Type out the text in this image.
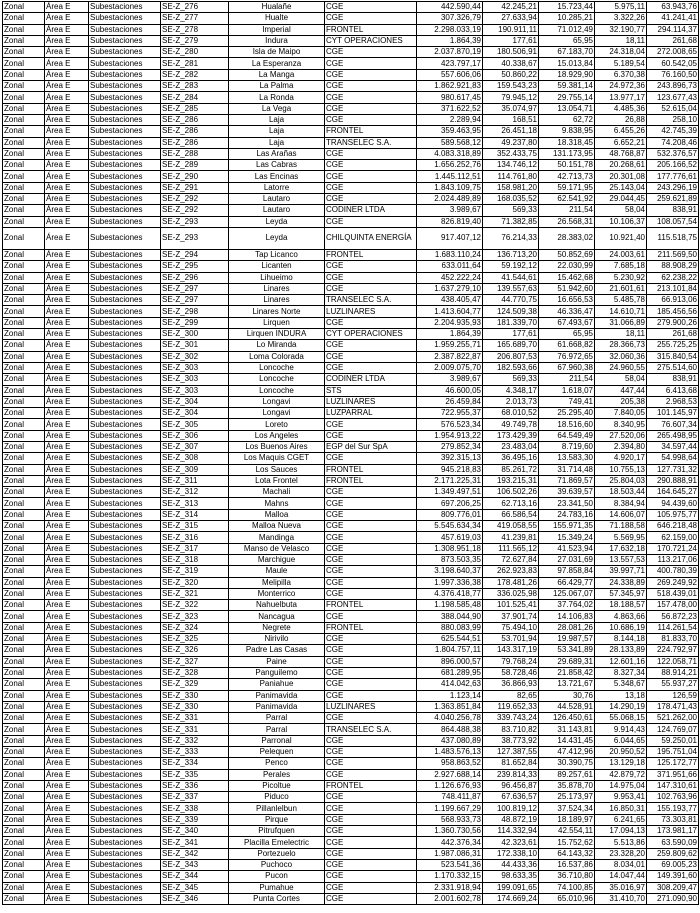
Zonal	Área E	Subestaciones	SE-Z_276	Hualañe	CGE	442.590,44	42.245,21	15.723,44	5.975,11	63.943,76
Zonal	Área E	Subestaciones	SE-Z_277	Hualte	CGE	307.326,79	27.633,94	10.285,21	3.322,26	41.241,41
Zonal	Área E	Subestaciones	SE-Z_278	Imperial	FRONTEL	2.298.033,19	190.911,11	71.012,49	32.190,77	294.114,37
Zonal	Área E	Subestaciones	SE-Z_279	Indura	CYT OPERACIONES	1.864,39	177,61	65,95	18,11	261,68
Zonal	Área E	Subestaciones	SE-Z_280	Isla de Maipo	CGE	2.037.870,19	180.506,91	67.183,70	24.318,04	272.008,65
Zonal	Área E	Subestaciones	SE-Z_281	La Esperanza	CGE	423.797,17	40.338,67	15.013,84	5.189,54	60.542,05
Zonal	Área E	Subestaciones	SE-Z_282	La Manga	CGE	557.606,06	50.860,22	18.929,90	6.370,38	76.160,50
Zonal	Área E	Subestaciones	SE-Z_283	La Palma	CGE	1.862.921,83	159.543,23	59.381,14	24.972,36	243.896,73
Zonal	Área E	Subestaciones	SE-Z_284	La Ronda	CGE	980.617,45	79.945,12	29.755,14	13.977,17	123.677,43
Zonal	Área E	Subestaciones	SE-Z_285	La Vega	CGE	371.622,52	35.074,97	13.054,71	4.485,36	52.615,04
Zonal	Área E	Subestaciones	SE-Z_286	Laja	CGE	2.289,94	168,51	62,72	26,88	258,10
Zonal	Área E	Subestaciones	SE-Z_286	Laja	FRONTEL	359.463,95	26.451,18	9.838,95	6.455,26	42.745,39
Zonal	Área E	Subestaciones	SE-Z_286	Laja	TRANSELEC S.A.	589.568,12	49.237,80	18.318,45	6.652,21	74.208,46
Zonal	Área E	Subestaciones	SE-Z_288	Las Arañas	CGE	4.083.318,89	352.433,75	131.173,95	48.768,87	532.376,57
Zonal	Área E	Subestaciones	SE-Z_289	Las Cabras	CGE	1.656.252,76	134.746,12	50.151,78	20.268,61	205.166,52
Zonal	Área E	Subestaciones	SE-Z_290	Las Encinas	CGE	1.445.112,51	114.761,80	42.713,73	20.301,08	177.776,61
Zonal	Área E	Subestaciones	SE-Z_291	Latorre	CGE	1.843.109,75	158.981,20	59.171,95	25.143,04	243.296,19
Zonal	Área E	Subestaciones	SE-Z_292	Lautaro	CGE	2.024.489,89	168.035,52	62.541,92	29.044,45	259.621,89
Zonal	Área E	Subestaciones	SE-Z_292	Lautaro	CODINER LTDA	3.989,67	569,33	211,54	58,04	838,91
Zonal	Área E	Subestaciones	SE-Z_293	Leyda	CGE	826.819,40	71.382,85	26.568,31	10.106,37	108.057,54
Zonal	Área E	Subestaciones	SE-Z_293	Leyda	CHILQUINTA ENERGÍA	917.407,12	76.214,33	28.383,02	10.921,40	115.518,75
Zonal	Área E	Subestaciones	SE-Z_294	Tap Licanco	FRONTEL	1.683.110,24	136.713,20	50.852,69	24.003,61	211.569,50
Zonal	Área E	Subestaciones	SE-Z_295	Licanten	CGE	633.011,64	59.192,12	22.030,99	7.685,18	88.908,29
Zonal	Área E	Subestaciones	SE-Z_296	Lihueimo	CGE	452.222,24	41.544,61	15.462,68	5.230,92	62.238,22
Zonal	Área E	Subestaciones	SE-Z_297	Linares	CGE	1.637.279,10	139.557,63	51.942,60	21.601,61	213.101,84
Zonal	Área E	Subestaciones	SE-Z_297	Linares	TRANSELEC S.A.	438.405,47	44.770,75	16.656,53	5.485,78	66.913,06
Zonal	Área E	Subestaciones	SE-Z_298	Linares Norte	LUZLINARES	1.413.604,77	124.509,38	46.336,47	14.610,71	185.456,56
Zonal	Área E	Subestaciones	SE-Z_299	Lirquen	CGE	2.204.935,93	181.339,70	67.493,67	31.066,89	279.900,26
Zonal	Área E	Subestaciones	SE-Z_300	Lirquen INDURA	CYT OPERACIONES	1.864,39	177,61	65,95	18,11	261,68
Zonal	Área E	Subestaciones	SE-Z_301	Lo Miranda	CGE	1.959.255,71	165.689,70	61.668,82	28.366,73	255.725,25
Zonal	Área E	Subestaciones	SE-Z_302	Loma Colorada	CGE	2.387.822,87	206.807,53	76.972,65	32.060,36	315.840,54
Zonal	Área E	Subestaciones	SE-Z_303	Loncoche	CGE	2.009.075,70	182.593,66	67.960,38	24.960,55	275.514,60
Zonal	Área E	Subestaciones	SE-Z_303	Loncoche	CODINER LTDA	3.989,67	569,33	211,54	58,04	838,91
Zonal	Área E	Subestaciones	SE-Z_303	Loncoche	STS	46.600,05	4.348,17	1.618,07	447,44	6.413,68
Zonal	Área E	Subestaciones	SE-Z_304	Longavi	LUZLINARES	26.459,84	2.013,73	749,41	205,38	2.968,53
Zonal	Área E	Subestaciones	SE-Z_304	Longavi	LUZPARRAL	722.955,37	68.010,52	25.295,40	7.840,05	101.145,97
Zonal	Área E	Subestaciones	SE-Z_305	Loreto	CGE	576.523,34	49.749,78	18.516,60	8.340,95	76.607,34
Zonal	Área E	Subestaciones	SE-Z_306	Los Angeles	CGE	1.954.913,22	173.429,39	64.549,49	27.520,06	265.498,95
Zonal	Área E	Subestaciones	SE-Z_307	Los Buenos Aires	EGP del Sur SpA	279.852,34	23.483,04	8.719,60	2.394,80	34.597,44
Zonal	Área E	Subestaciones	SE-Z_308	Los Maquis CGET	CGE	392.315,13	36.495,16	13.583,30	4.920,17	54.998,64
Zonal	Área E	Subestaciones	SE-Z_309	Los Sauces	FRONTEL	945.218,83	85.261,72	31.714,48	10.755,13	127.731,32
Zonal	Área E	Subestaciones	SE-Z_311	Lota Frontel	FRONTEL	2.171.225,31	193.215,31	71.869,57	25.804,03	290.888,91
Zonal	Área E	Subestaciones	SE-Z_312	Machali	CGE	1.349.497,51	106.502,26	39.639,57	18.503,44	164.645,27
Zonal	Área E	Subestaciones	SE-Z_313	Mahns	CGE	697.206,25	62.713,16	23.341,50	8.384,94	94.439,60
Zonal	Área E	Subestaciones	SE-Z_314	Malloa	CGE	809.776,01	66.586,54	24.783,16	14.606,07	105.975,77
Zonal	Área E	Subestaciones	SE-Z_315	Malloa Nueva	CGE	5.545.634,34	419.058,55	155.971,35	71.188,58	646.218,48
Zonal	Área E	Subestaciones	SE-Z_316	Mandinga	CGE	457.619,03	41.239,81	15.349,24	5.569,95	62.159,00
Zonal	Área E	Subestaciones	SE-Z_317	Manso de Velasco	CGE	1.308.951,18	111.565,12	41.523,94	17.632,18	170.721,24
Zonal	Área E	Subestaciones	SE-Z_318	Marchigue	CGE	873.503,35	72.627,84	27.031,69	13.557,53	113.217,06
Zonal	Área E	Subestaciones	SE-Z_319	Maule	CGE	3.198.640,37	262.923,83	97.858,84	39.997,71	400.780,39
Zonal	Área E	Subestaciones	SE-Z_320	Melipilla	CGE	1.997.336,38	178.481,26	66.429,77	24.338,89	269.249,92
Zonal	Área E	Subestaciones	SE-Z_321	Monterrico	CGE	4.376.418,77	336.025,98	125.067,07	57.345,97	518.439,01
Zonal	Área E	Subestaciones	SE-Z_322	Nahuelbuta	FRONTEL	1.198.585,48	101.525,41	37.764,02	18.188,57	157.478,00
Zonal	Área E	Subestaciones	SE-Z_323	Nancagua	CGE	388.044,90	37.901,74	14.106,83	4.863,66	56.872,23
Zonal	Área E	Subestaciones	SE-Z_324	Negrete	FRONTEL	880.083,99	75.494,10	28.081,26	10.686,19	114.261,54
Zonal	Área E	Subestaciones	SE-Z_325	Nirivilo	CGE	625.544,51	53.701,94	19.987,57	8.144,18	81.833,70
Zonal	Área E	Subestaciones	SE-Z_326	Padre Las Casas	CGE	1.804.757,11	143.317,19	53.341,89	28.133,89	224.792,97
Zonal	Área E	Subestaciones	SE-Z_327	Paine	CGE	896.000,57	79.768,24	29.689,31	12.601,16	122.058,71
Zonal	Área E	Subestaciones	SE-Z_328	Panguilemo	CGE	681.289,95	58.728,46	21.858,42	8.327,34	88.914,21
Zonal	Área E	Subestaciones	SE-Z_329	Paniahue	CGE	414.042,63	36.866,93	13.721,67	5.348,67	55.937,27
Zonal	Área E	Subestaciones	SE-Z_330	Panimavida	CGE	1.123,14	82,65	30,76	13,18	126,59
Zonal	Área E	Subestaciones	SE-Z_330	Panimavida	LUZLINARES	1.363.851,84	119.652,33	44.528,91	14.290,19	178.471,43
Zonal	Área E	Subestaciones	SE-Z_331	Parral	CGE	4.040.256,78	339.743,24	126.450,61	55.068,15	521.262,00
Zonal	Área E	Subestaciones	SE-Z_331	Parral	TRANSELEC S.A.	864.488,38	83.710,82	31.143,81	9.914,43	124.769,07
Zonal	Área E	Subestaciones	SE-Z_332	Parronal	CGE	437.080,89	38.773,92	14.431,45	6.044,65	59.250,01
Zonal	Área E	Subestaciones	SE-Z_333	Pelequen	CGE	1.483.576,13	127.387,55	47.412,96	20.950,52	195.751,04
Zonal	Área E	Subestaciones	SE-Z_334	Penco	CGE	958.863,52	81.652,84	30.390,75	13.129,18	125.172,77
Zonal	Área E	Subestaciones	SE-Z_335	Perales	CGE	2.927.688,14	239.814,33	89.257,61	42.879,72	371.951,66
Zonal	Área E	Subestaciones	SE-Z_336	Picoltue	FRONTEL	1.126.676,93	96.456,87	35.878,70	14.975,04	147.310,61
Zonal	Área E	Subestaciones	SE-Z_337	Piduco	CGE	748.411,87	67.636,57	25.173,97	9.953,41	102.763,96
Zonal	Área E	Subestaciones	SE-Z_338	Pillanlelbun	CGE	1.199.667,29	100.819,12	37.524,34	16.850,31	155.193,77
Zonal	Área E	Subestaciones	SE-Z_339	Pirque	CGE	568.933,73	48.872,19	18.189,97	6.241,65	73.303,81
Zonal	Área E	Subestaciones	SE-Z_340	Pitrufquen	CGE	1.360.730,56	114.332,94	42.554,11	17.094,13	173.981,17
Zonal	Área E	Subestaciones	SE-Z_341	Placilla Emelectric	CGE	442.376,34	42.323,61	15.752,62	5.513,86	63.590,09
Zonal	Área E	Subestaciones	SE-Z_342	Portezuelo	CGE	1.987.086,31	172.338,10	64.143,32	23.328,20	259.809,62
Zonal	Área E	Subestaciones	SE-Z_343	Puchoco	CGE	523.541,36	44.433,36	16.537,86	8.034,01	69.005,23
Zonal	Área E	Subestaciones	SE-Z_344	Pucon	CGE	1.170.332,15	98.633,35	36.710,80	14.047,44	149.391,60
Zonal	Área E	Subestaciones	SE-Z_345	Pumahue	CGE	2.331.918,94	199.091,65	74.100,85	35.016,97	308.209,47
Zonal	Área E	Subestaciones	SE-Z_346	Punta Cortes	CGE	2.001.602,78	174.669,24	65.010,96	31.410,70	271.090,90
